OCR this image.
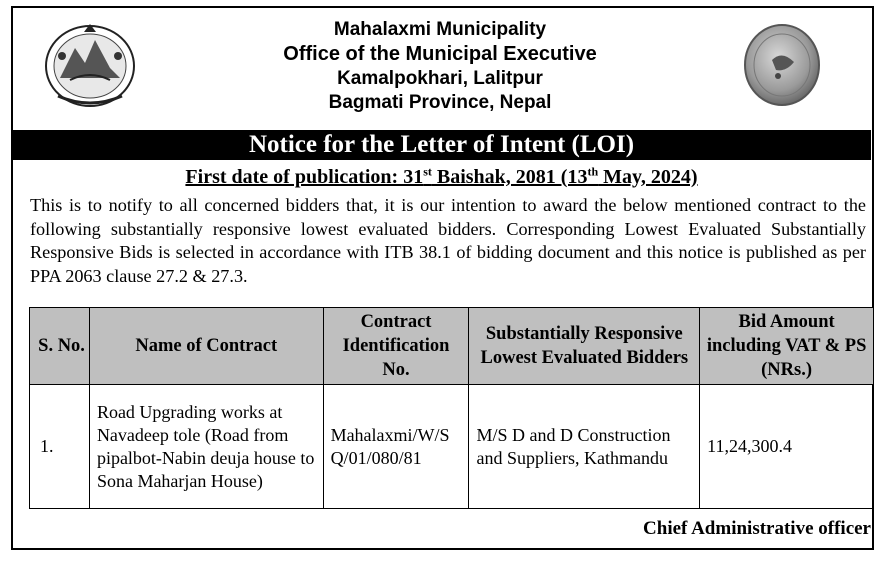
Mahalaxmi Municipality
Office of the Municipal Executive
Kamalpokhari, Lalitpur
Bagmati Province, Nepal
Notice for the Letter of Intent (LOI)
First date of publication: 31st Baishak, 2081 (13th May, 2024)
This is to notify to all concerned bidders that, it is our intention to award the below mentioned contract to the following substantially responsive lowest evaluated bidders. Corresponding Lowest Evaluated Substantially Responsive Bids is selected in accordance with ITB 38.1 of bidding document and this notice is published as per PPA 2063 clause 27.2 & 27.3.
S. No.	Name of Contract	Contract Identification No.	Substantially Responsive Lowest Evaluated Bidders	Bid Amount including VAT & PS (NRs.)
1.	Road Upgrading works at Navadeep tole (Road from pipalbot-Nabin deuja house to Sona Maharjan House)	Mahalaxmi/W/SQ/01/080/81	M/S D and D Construction and Suppliers, Kathmandu	11,24,300.4
Chief Administrative officer
